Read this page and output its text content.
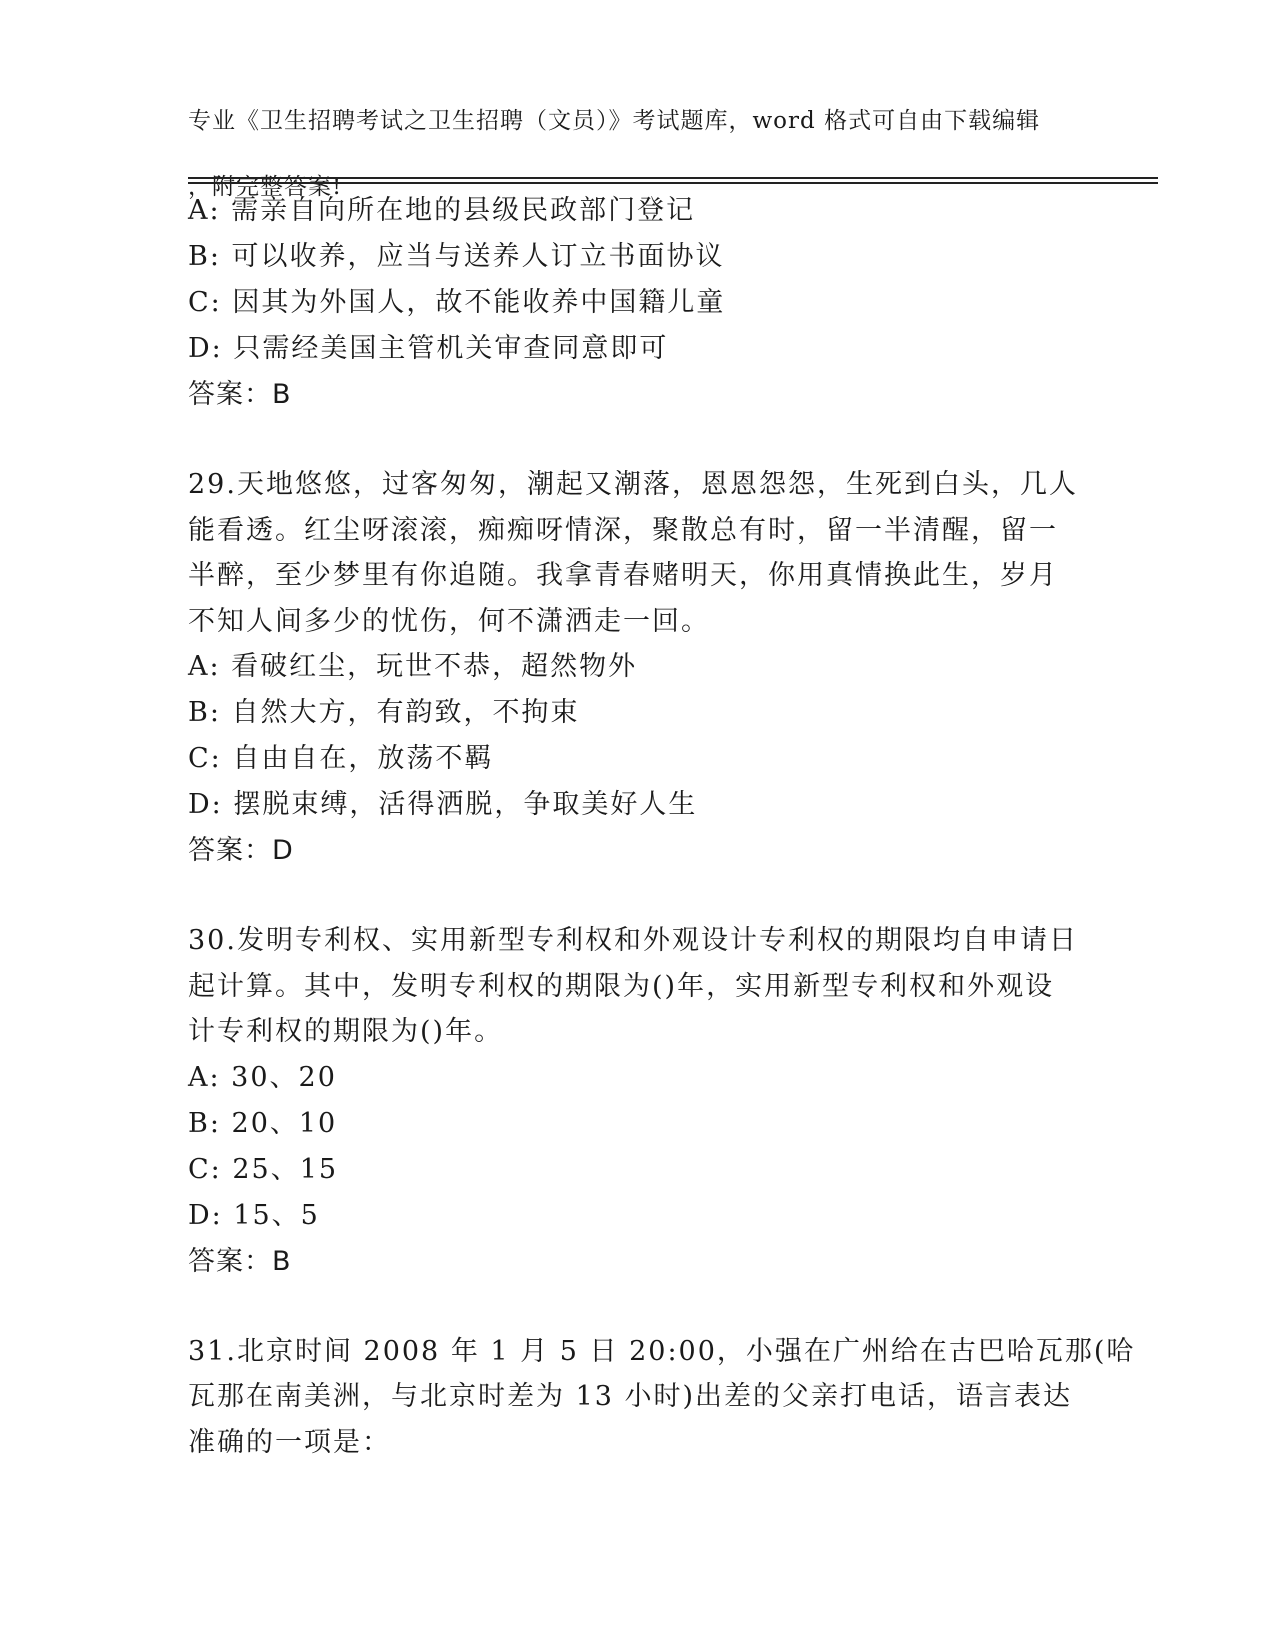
专业《卫生招聘考试之卫生招聘（文员）》考试题库，word 格式可自由下载编辑

，附完整答案!

A: 需亲自向所在地的县级民政部门登记
B: 可以收养，应当与送养人订立书面协议
C: 因其为外国人，故不能收养中国籍儿童
D: 只需经美国主管机关审查同意即可
答案：B
29.天地悠悠，过客匆匆，潮起又潮落，恩恩怨怨，生死到白头，几人
能看透。红尘呀滚滚，痴痴呀情深，聚散总有时，留一半清醒，留一
半醉，至少梦里有你追随。我拿青春赌明天，你用真情换此生，岁月
不知人间多少的忧伤，何不潇洒走一回。
A: 看破红尘，玩世不恭，超然物外
B: 自然大方，有韵致，不拘束
C: 自由自在，放荡不羁
D: 摆脱束缚，活得洒脱，争取美好人生
答案：D
30.发明专利权、实用新型专利权和外观设计专利权的期限均自申请日
起计算。其中，发明专利权的期限为()年，实用新型专利权和外观设
计专利权的期限为()年。
A: 30、20
B: 20、10
C: 25、15
D: 15、5
答案：B
31.北京时间 2008 年 1 月 5 日 20:00，小强在广州给在古巴哈瓦那(哈
瓦那在南美洲，与北京时差为 13 小时)出差的父亲打电话，语言表达
准确的一项是：
